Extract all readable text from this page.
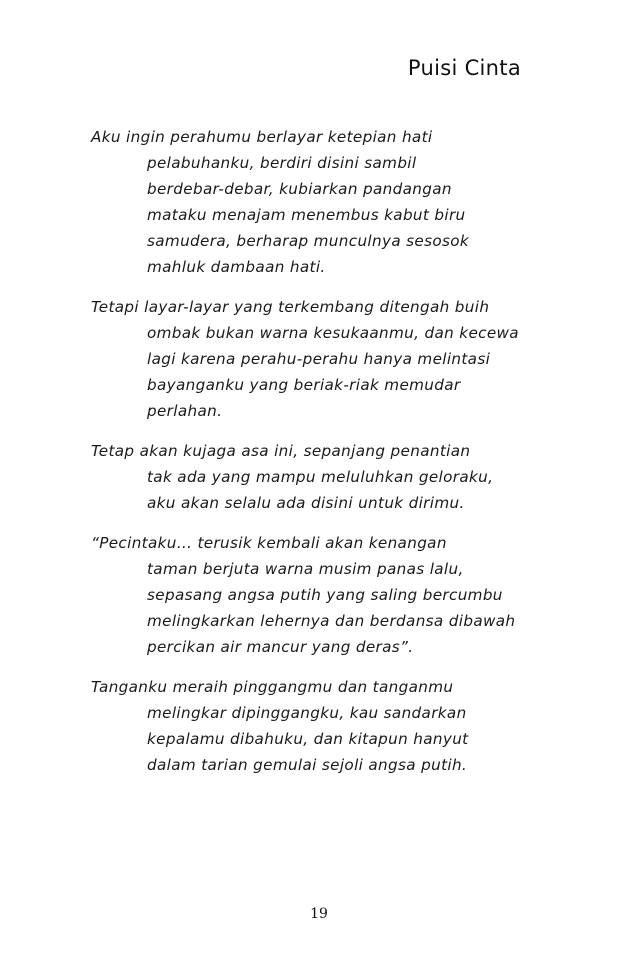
Puisi Cinta

Aku ingin perahumu berlayar ketepian hati
pelabuhanku, berdiri disini sambil
berdebar-debar, kubiarkan pandangan
mataku menajam menembus kabut biru
samudera, berharap munculnya sesosok
mahluk dambaan hati.

Tetapi layar-layar yang terkembang ditengah buih
ombak bukan warna kesukaanmu, dan kecewa
lagi karena perahu-perahu hanya melintasi
bayanganku yang beriak-riak memudar
perlahan.

Tetap akan kujaga asa ini, sepanjang penantian
tak ada yang mampu meluluhkan geloraku,
aku akan selalu ada disini untuk dirimu.

“Pecintaku… terusik kembali akan kenangan
taman berjuta warna musim panas lalu,
sepasang angsa putih yang saling bercumbu
melingkarkan lehernya dan berdansa dibawah
percikan air mancur yang deras”.

Tanganku meraih pinggangmu dan tanganmu
melingkar dipinggangku, kau sandarkan
kepalamu dibahuku, dan kitapun hanyut
dalam tarian gemulai sejoli angsa putih.

19
